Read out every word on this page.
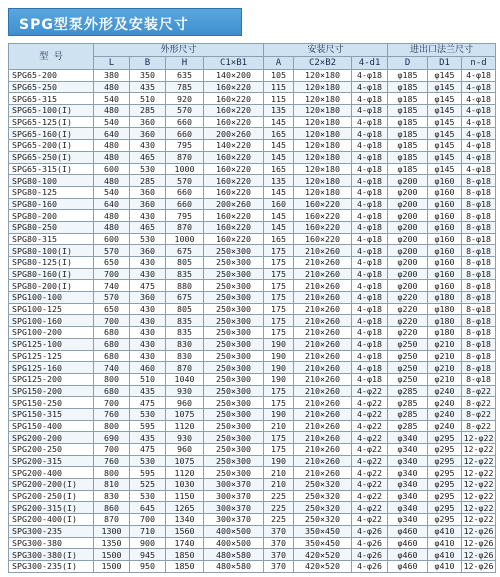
SPG型泵外形及安装尺寸
型 号	外形尺寸				安装尺寸			进出口法兰尺寸		
	L	B	H	C1×B1	A	C2×B2	4-d1	D	D1	n-d
SPG65-200	380	350	635	140×200	105	120×180	4-φ18	φ185	φ145	4-φ18
SPG65-250	480	435	785	160×220	115	120×180	4-φ18	φ185	φ145	4-φ18
SPG65-315	540	510	920	160×220	115	120×180	4-φ18	φ185	φ145	4-φ18
SPG65-100(I)	480	285	570	160×220	135	120×180	4-φ18	φ185	φ145	4-φ18
SPG65-125(I)	540	360	660	160×220	145	120×180	4-φ18	φ185	φ145	4-φ18
SPG65-160(I)	640	360	660	200×260	165	120×180	4-φ18	φ185	φ145	4-φ18
SPG65-200(I)	480	430	795	140×220	145	120×180	4-φ18	φ185	φ145	4-φ18
SPG65-250(I)	480	465	870	160×220	145	120×180	4-φ18	φ185	φ145	4-φ18
SPG65-315(I)	600	530	1000	160×220	165	120×180	4-φ18	φ185	φ145	4-φ18
SPG80-100	480	285	570	160×220	135	120×180	4-φ18	φ200	φ160	8-φ18
SPG80-125	540	360	660	160×220	145	120×180	4-φ18	φ200	φ160	8-φ18
SPG80-160	640	360	660	200×260	160	160×220	4-φ18	φ200	φ160	8-φ18
SPG80-200	480	430	795	160×220	145	160×220	4-φ18	φ200	φ160	8-φ18
SPG80-250	480	465	870	160×220	145	160×220	4-φ18	φ200	φ160	8-φ18
SPG80-315	600	530	1000	160×220	165	160×220	4-φ18	φ200	φ160	8-φ18
SPG80-100(I)	570	360	675	250×300	175	210×260	4-φ18	φ200	φ160	8-φ18
SPG80-125(I)	650	430	805	250×300	175	210×260	4-φ18	φ200	φ160	8-φ18
SPG80-160(I)	700	430	835	250×300	175	210×260	4-φ18	φ200	φ160	8-φ18
SPG80-200(I)	740	475	880	250×300	175	210×260	4-φ18	φ200	φ160	8-φ18
SPG100-100	570	360	675	250×300	175	210×260	4-φ18	φ220	φ180	8-φ18
SPG100-125	650	430	805	250×300	175	210×260	4-φ18	φ220	φ180	8-φ18
SPG100-160	700	430	835	250×300	175	210×260	4-φ18	φ220	φ180	8-φ18
SPG100-200	680	430	835	250×300	175	210×260	4-φ18	φ220	φ180	8-φ18
SPG125-100	680	430	830	250×300	190	210×260	4-φ18	φ250	φ210	8-φ18
SPG125-125	680	430	830	250×300	190	210×260	4-φ18	φ250	φ210	8-φ18
SPG125-160	740	460	870	250×300	190	210×260	4-φ18	φ250	φ210	8-φ18
SPG125-200	800	510	1040	250×300	190	210×260	4-φ18	φ250	φ210	8-φ18
SPG150-200	680	435	930	250×300	175	210×260	4-φ22	φ285	φ240	8-φ22
SPG150-250	700	475	960	250×300	175	210×260	4-φ22	φ285	φ240	8-φ22
SPG150-315	760	530	1075	250×300	190	210×260	4-φ22	φ285	φ240	8-φ22
SPG150-400	800	595	1120	250×300	210	210×260	4-φ22	φ285	φ240	8-φ22
SPG200-200	690	435	930	250×300	175	210×260	4-φ22	φ340	φ295	12-φ22
SPG200-250	700	475	960	250×300	175	210×260	4-φ22	φ340	φ295	12-φ22
SPG200-315	760	530	1075	250×300	190	210×260	4-φ22	φ340	φ295	12-φ22
SPG200-400	800	595	1120	250×300	210	210×260	4-φ22	φ340	φ295	12-φ22
SPG200-200(I)	810	525	1030	300×370	210	250×320	4-φ22	φ340	φ295	12-φ22
SPG200-250(I)	830	530	1150	300×370	225	250×320	4-φ22	φ340	φ295	12-φ22
SPG200-315(I)	860	645	1265	300×370	225	250×320	4-φ22	φ340	φ295	12-φ22
SPG200-400(I)	870	700	1340	300×370	225	250×320	4-φ22	φ340	φ295	12-φ22
SPG300-235	1300	710	1560	400×500	370	350×450	4-φ26	φ460	φ410	12-φ26
SPG300-380	1350	900	1740	400×500	370	350×450	4-φ26	φ460	φ410	12-φ26
SPG300-380(I)	1500	945	1850	480×580	370	420×520	4-φ26	φ460	φ410	12-φ26
SPG300-235(I)	1500	950	1850	480×580	370	420×520	4-φ26	φ460	φ410	12-φ26
